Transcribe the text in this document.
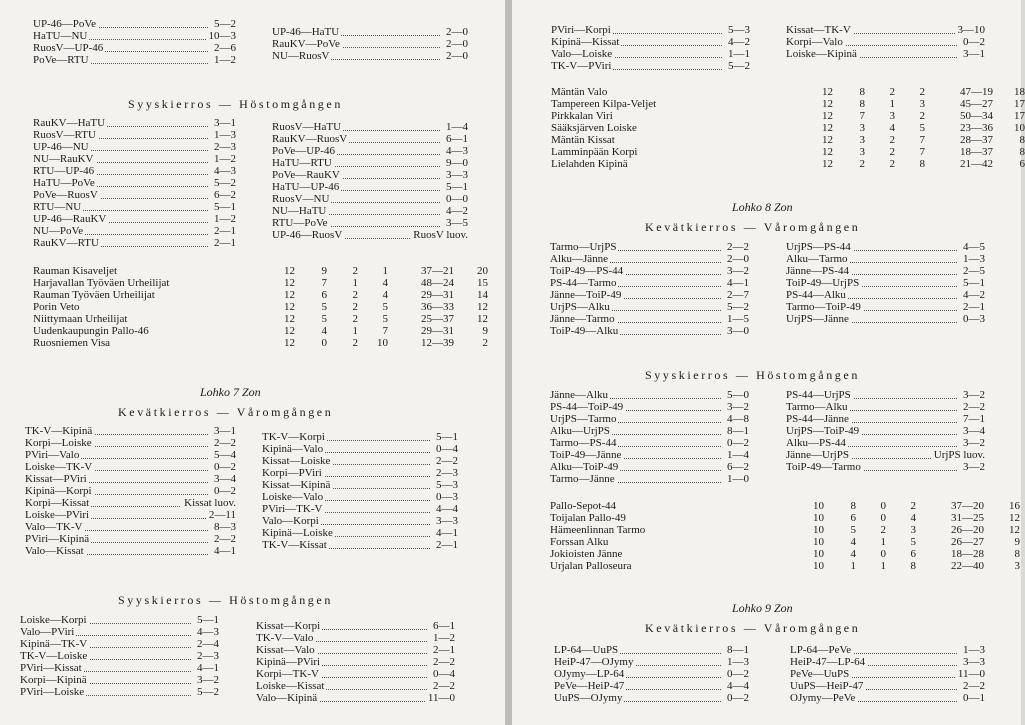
UP-46—PoVe	5—2
HaTU—NU	10—3
RuosV—UP-46	2—6
PoVe—RTU	1—2
UP-46—HaTU	2—0
RauKV—PoVe	2—0
NU—RuosV	2—0
Syyskierros — Höstomgången
RauKV—HaTU	3—1
RuosV—RTU	1—3
UP-46—NU	2—3
NU—RauKV	1—2
RTU—UP-46	4—3
HaTU—PoVe	5—2
PoVe—RuosV	6—2
RTU—NU	5—1
UP-46—RauKV	1—2
NU—PoVe	2—1
RauKV—RTU	2—1
RuosV—HaTU	1—4
RauKV—RuosV	6—1
PoVe—UP-46	4—3
HaTU—RTU	9—0
PoVe—RauKV	3—3
HaTU—UP-46	5—1
RuosV—NU	0—0
NU—HaTU	4—2
RTU—PoVe	3—5
UP-46—RuosV	RuosV luov.
Rauman Kisaveljet	12	9	2	1	37—21	20
Harjavallan Työväen Urheilijat	12	7	1	4	48—24	15
Rauman Työväen Urheilijat	12	6	2	4	29—31	14
Porin Veto	12	5	2	5	36—33	12
Niittymaan Urheilijat	12	5	2	5	25—37	12
Uudenkaupungin Pallo-46	12	4	1	7	29—31	9
Ruosniemen Visa	12	0	2	10	12—39	2
Lohko 7 Zon
Kevätkierros — Våromgången
TK-V—Kipinä	3—1
Korpi—Loiske	2—2
PViri—Valo	5—4
Loiske—TK-V	0—2
Kissat—PViri	3—4
Kipinä—Korpi	0—2
Korpi—Kissat	Kissat luov.
Loiske—PViri	2—11
Valo—TK-V	8—3
PViri—Kipinä	2—2
Valo—Kissat	4—1
TK-V—Korpi	5—1
Kipinä—Valo	0—4
Kissat—Loiske	2—2
Korpi—PViri	2—3
Kissat—Kipinä	5—3
Loiske—Valo	0—3
PViri—TK-V	4—4
Valo—Korpi	3—3
Kipinä—Loiske	4—1
TK-V—Kissat	2—1
Syyskierros — Höstomgången
Loiske—Korpi	5—1
Valo—PViri	4—3
Kipinä—TK-V	2—4
TK-V—Loiske	2—3
PViri—Kissat	4—1
Korpi—Kipinä	3—2
PViri—Loiske	5—2
Kissat—Korpi	6—1
TK-V—Valo	1—2
Kissat—Valo	2—1
Kipinä—PViri	2—2
Korpi—TK-V	0—4
Loiske—Kissat	2—2
Valo—Kipinä	11—0
PViri—Korpi	5—3
Kipinä—Kissat	4—2
Valo—Loiske	1—1
TK-V—PViri	5—2
Kissat—TK-V	3—10
Korpi—Valo	0—2
Loiske—Kipinä	3—1
Mäntän Valo	12	8	2	2	47—19	18
Tampereen Kilpa-Veljet	12	8	1	3	45—27	17
Pirkkalan Viri	12	7	3	2	50—34	17
Sääksjärven Loiske	12	3	4	5	23—36	10
Mäntän Kissat	12	3	2	7	28—37	8
Lamminpään Korpi	12	3	2	7	18—37	8
Lielahden Kipinä	12	2	2	8	21—42	6
Lohko 8 Zon
Kevätkierros — Våromgången
Tarmo—UrjPS	2—2
Alku—Jänne	2—0
ToiP-49—PS-44	3—2
PS-44—Tarmo	4—1
Jänne—ToiP-49	2—7
UrjPS—Alku	5—2
Jänne—Tarmo	1—5
ToiP-49—Alku	3—0
UrjPS—PS-44	4—5
Alku—Tarmo	1—3
Jänne—PS-44	2—5
ToiP-49—UrjPS	5—1
PS-44—Alku	4—2
Tarmo—ToiP-49	2—1
UrjPS—Jänne	0—3
Syyskierros — Höstomgången
Jänne—Alku	5—0
PS-44—ToiP-49	3—2
UrjPS—Tarmo	4—8
Alku—UrjPS	8—1
Tarmo—PS-44	0—2
ToiP-49—Jänne	1—4
Alku—ToiP-49	6—2
Tarmo—Jänne	1—0
PS-44—UrjPS	3—2
Tarmo—Alku	2—2
PS-44—Jänne	7—1
UrjPS—ToiP-49	3—4
Alku—PS-44	3—2
Jänne—UrjPS	UrjPS luov.
ToiP-49—Tarmo	3—2
Pallo-Sepot-44	10	8	0	2	37—20	16
Toijalan Pallo-49	10	6	0	4	31—25	12
Hämeenlinnan Tarmo	10	5	2	3	26—20	12
Forssan Alku	10	4	1	5	26—27	9
Jokioisten Jänne	10	4	0	6	18—28	8
Urjalan Palloseura	10	1	1	8	22—40	3
Lohko 9 Zon
Kevätkierros — Våromgången
LP-64—UuPS	8—1
HeiP-47—OJymy	1—3
OJymy—LP-64	0—2
PeVe—HeiP-47	4—4
UuPS—OJymy	0—2
LP-64—PeVe	1—3
HeiP-47—LP-64	3—3
PeVe—UuPS	11—0
UuPS—HeiP-47	2—2
OJymy—PeVe	0—1
